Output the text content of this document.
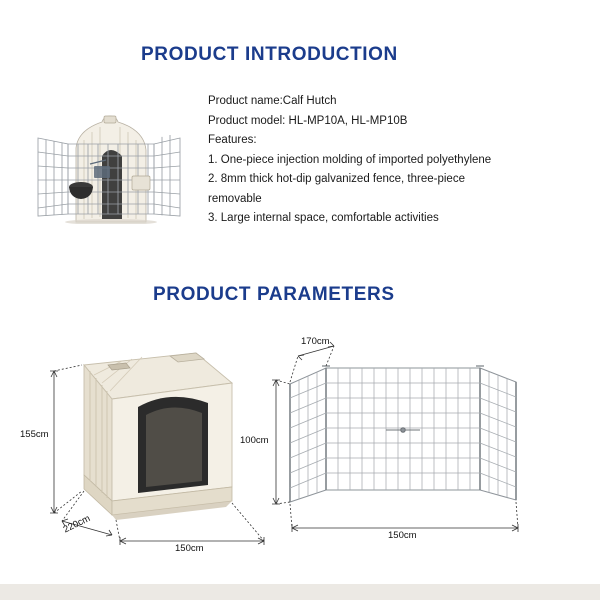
PRODUCT INTRODUCTION
Product name:Calf Hutch
Product model: HL-MP10A, HL-MP10B
Features:
1. One-piece injection molding of imported polyethylene
2. 8mm thick hot-dip galvanized fence, three-piece removable
3. Large internal space, comfortable activities
PRODUCT PARAMETERS
155cm
220cm
150cm
170cm
100cm
150cm
